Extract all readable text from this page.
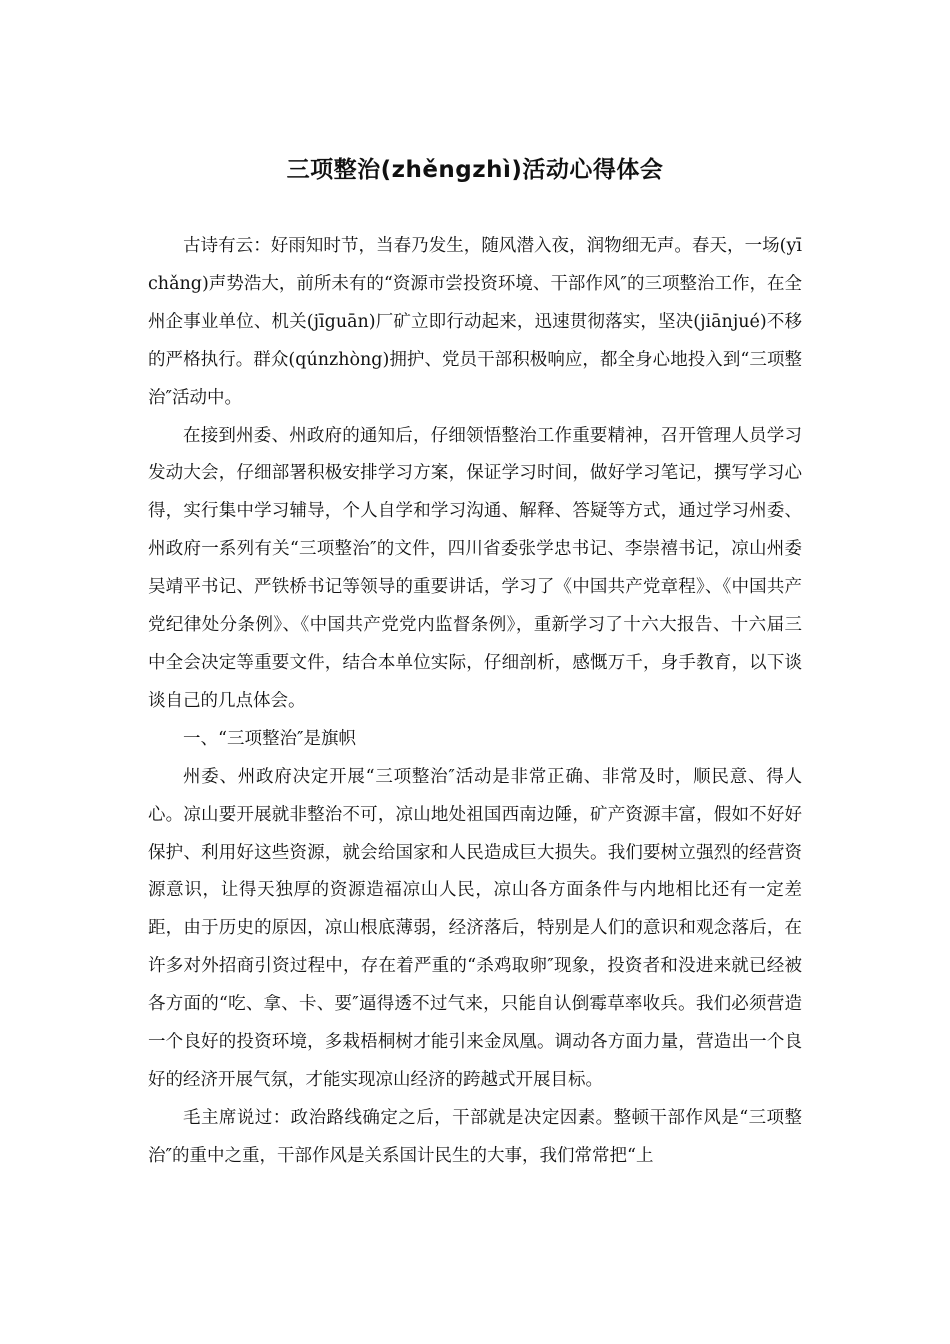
三项整治(zhěngzhì)活动心得体会

古诗有云：好雨知时节，当春乃发生，随风潜入夜，润物细无声。春天，一场(yī chǎng)声势浩大，前所未有的“资源市尝投资环境、干部作风″的三项整治工作，在全州企事业单位、机关(jīguān)厂矿立即行动起来，迅速贯彻落实，坚决(jiānjué)不移的严格执行。群众(qúnzhòng)拥护、党员干部积极响应，都全身心地投入到“三项整治″活动中。

在接到州委、州政府的通知后，仔细领悟整治工作重要精神，召开管理人员学习发动大会，仔细部署积极安排学习方案，保证学习时间，做好学习笔记，撰写学习心得，实行集中学习辅导，个人自学和学习沟通、解释、答疑等方式，通过学习州委、州政府一系列有关“三项整治″的文件，四川省委张学忠书记、李崇禧书记，凉山州委吴靖平书记、严铁桥书记等领导的重要讲话，学习了《中国共产党章程》、《中国共产党纪律处分条例》、《中国共产党党内监督条例》，重新学习了十六大报告、十六届三中全会决定等重要文件，结合本单位实际，仔细剖析，感慨万千，身手教育，以下谈谈自己的几点体会。

一、“三项整治″是旗帜

州委、州政府决定开展“三项整治″活动是非常正确、非常及时，顺民意、得人心。凉山要开展就非整治不可，凉山地处祖国西南边陲，矿产资源丰富，假如不好好保护、利用好这些资源，就会给国家和人民造成巨大损失。我们要树立强烈的经营资源意识，让得天独厚的资源造福凉山人民，凉山各方面条件与内地相比还有一定差距，由于历史的原因，凉山根底薄弱，经济落后，特别是人们的意识和观念落后，在许多对外招商引资过程中，存在着严重的“杀鸡取卵″现象，投资者和没进来就已经被各方面的“吃、拿、卡、要″逼得透不过气来，只能自认倒霉草率收兵。我们必须营造一个良好的投资环境，多栽梧桐树才能引来金凤凰。调动各方面力量，营造出一个良好的经济开展气氛，才能实现凉山经济的跨越式开展目标。

毛主席说过：政治路线确定之后，干部就是决定因素。整顿干部作风是“三项整治″的重中之重，干部作风是关系国计民生的大事，我们常常把“上
